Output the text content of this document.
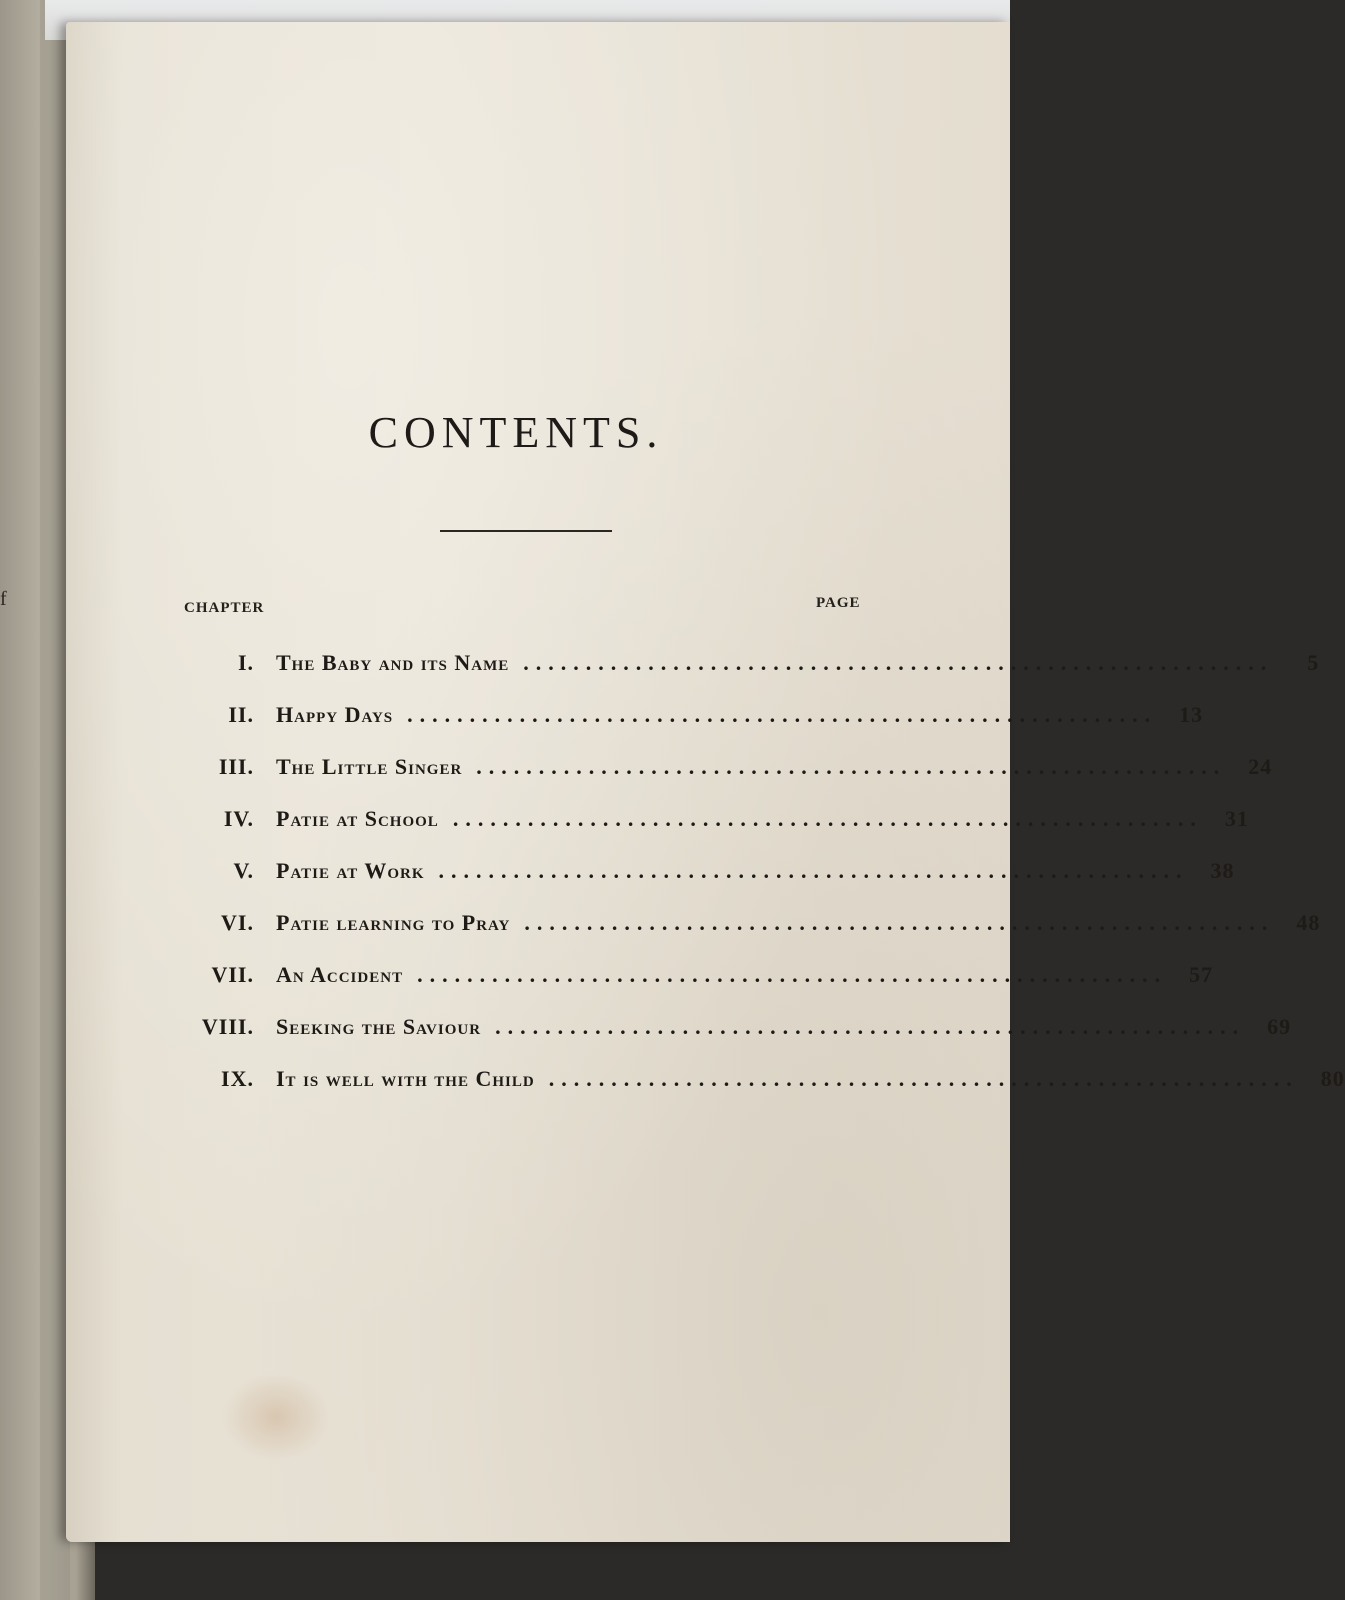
f
CONTENTS.
CHAPTER	PAGE
I. The Baby and its Name ............................................................	5
II. Happy Days ............................................................	13
III. The Little Singer ............................................................	24
IV. Patie at School ............................................................	31
V. Patie at Work ............................................................	38
VI. Patie learning to Pray ............................................................	48
VII. An Accident ............................................................	57
VIII. Seeking the Saviour ............................................................	69
IX. It is well with the Child ............................................................	80
